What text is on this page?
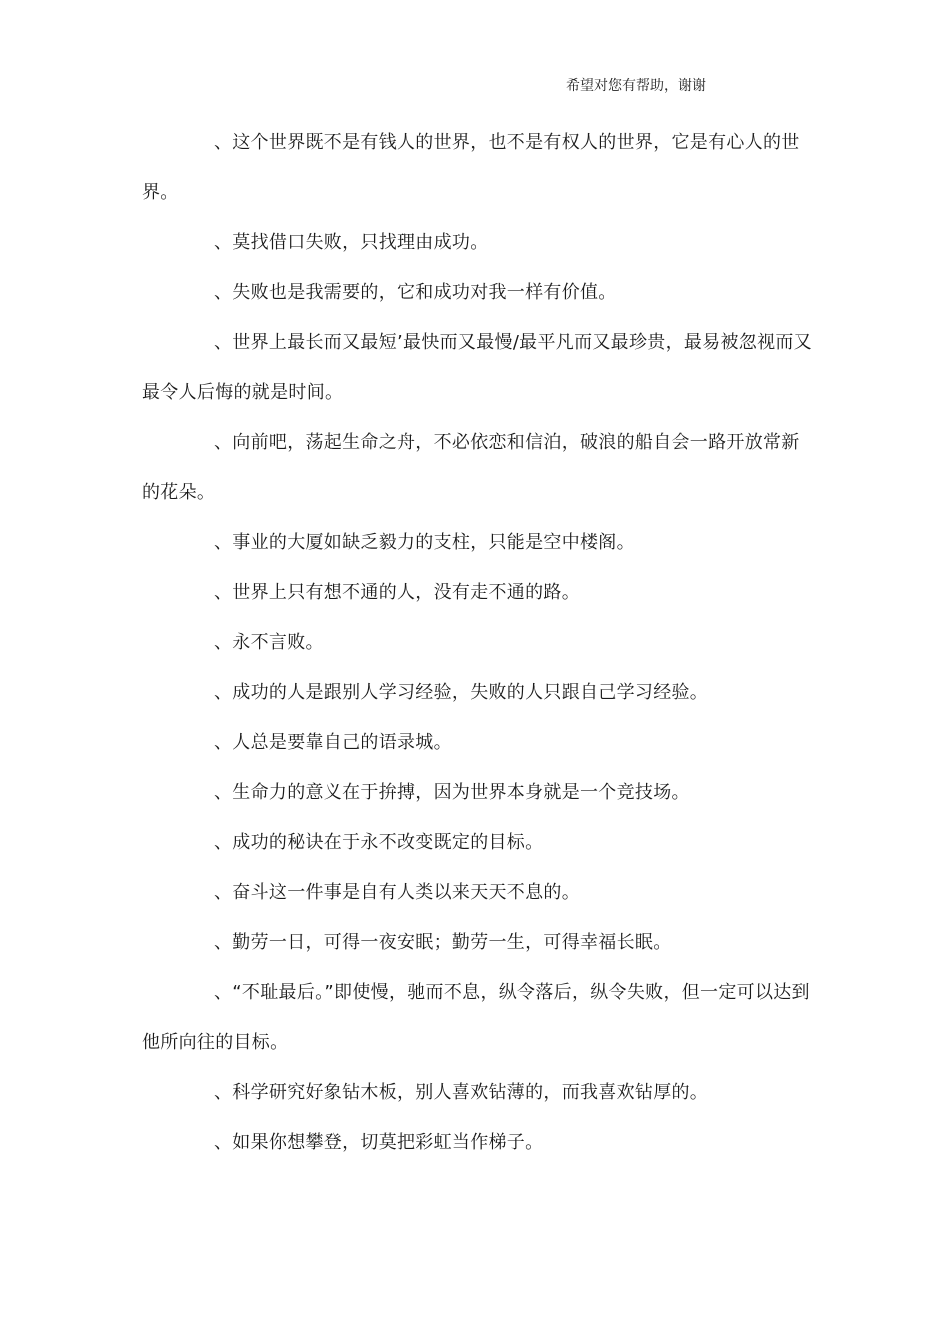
希望对您有帮助，谢谢

、这个世界既不是有钱人的世界，也不是有权人的世界，它是有心人的世界。

、莫找借口失败，只找理由成功。

、失败也是我需要的，它和成功对我一样有价值。

、世界上最长而又最短’最快而又最慢/最平凡而又最珍贵，最易被忽视而又最令人后悔的就是时间。

、向前吧，荡起生命之舟，不必依恋和信泊，破浪的船自会一路开放常新的花朵。

、事业的大厦如缺乏毅力的支柱，只能是空中楼阁。

、世界上只有想不通的人，没有走不通的路。

、永不言败。

、成功的人是跟别人学习经验，失败的人只跟自己学习经验。

、人总是要靠自己的语录城。

、生命力的意义在于拚搏，因为世界本身就是一个竞技场。

、成功的秘诀在于永不改变既定的目标。

、奋斗这一件事是自有人类以来天天不息的。

、勤劳一日，可得一夜安眠；勤劳一生，可得幸福长眠。

、“不耻最后。”即使慢，驰而不息，纵令落后，纵令失败，但一定可以达到他所向往的目标。

、科学研究好象钻木板，别人喜欢钻薄的，而我喜欢钻厚的。

、如果你想攀登，切莫把彩虹当作梯子。
